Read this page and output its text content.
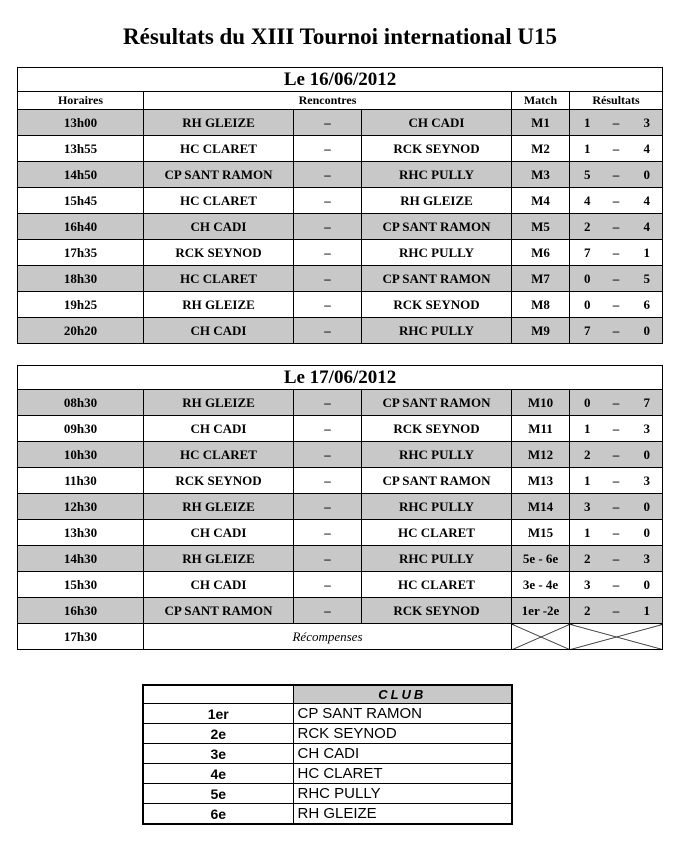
Résultats du XIII Tournoi international U15
Le 16/06/2012					
Horaires	Rencontres			Match	Résultats
13h00	RH GLEIZE	–	CH CADI	M1	1 – 3
13h55	HC CLARET	–	RCK SEYNOD	M2	1 – 4
14h50	CP SANT RAMON	–	RHC PULLY	M3	5 – 0
15h45	HC CLARET	–	RH GLEIZE	M4	4 – 4
16h40	CH CADI	–	CP SANT RAMON	M5	2 – 4
17h35	RCK SEYNOD	–	RHC PULLY	M6	7 – 1
18h30	HC CLARET	–	CP SANT RAMON	M7	0 – 5
19h25	RH GLEIZE	–	RCK SEYNOD	M8	0 – 6
20h20	CH CADI	–	RHC PULLY	M9	7 – 0
Le 17/06/2012					
08h30	RH GLEIZE	–	CP SANT RAMON	M10	0 – 7
09h30	CH CADI	–	RCK SEYNOD	M11	1 – 3
10h30	HC CLARET	–	RHC PULLY	M12	2 – 0
11h30	RCK SEYNOD	–	CP SANT RAMON	M13	1 – 3
12h30	RH GLEIZE	–	RHC PULLY	M14	3 – 0
13h30	CH CADI	–	HC CLARET	M15	1 – 0
14h30	RH GLEIZE	–	RHC PULLY	5e - 6e	2 – 3
15h30	CH CADI	–	HC CLARET	3e - 4e	3 – 0
16h30	CP SANT RAMON	–	RCK SEYNOD	1er -2e	2 – 1
17h30	Récompenses				
	CLUB
1er	CP SANT RAMON
2e	RCK SEYNOD
3e	CH CADI
4e	HC CLARET
5e	RHC PULLY
6e	RH GLEIZE
